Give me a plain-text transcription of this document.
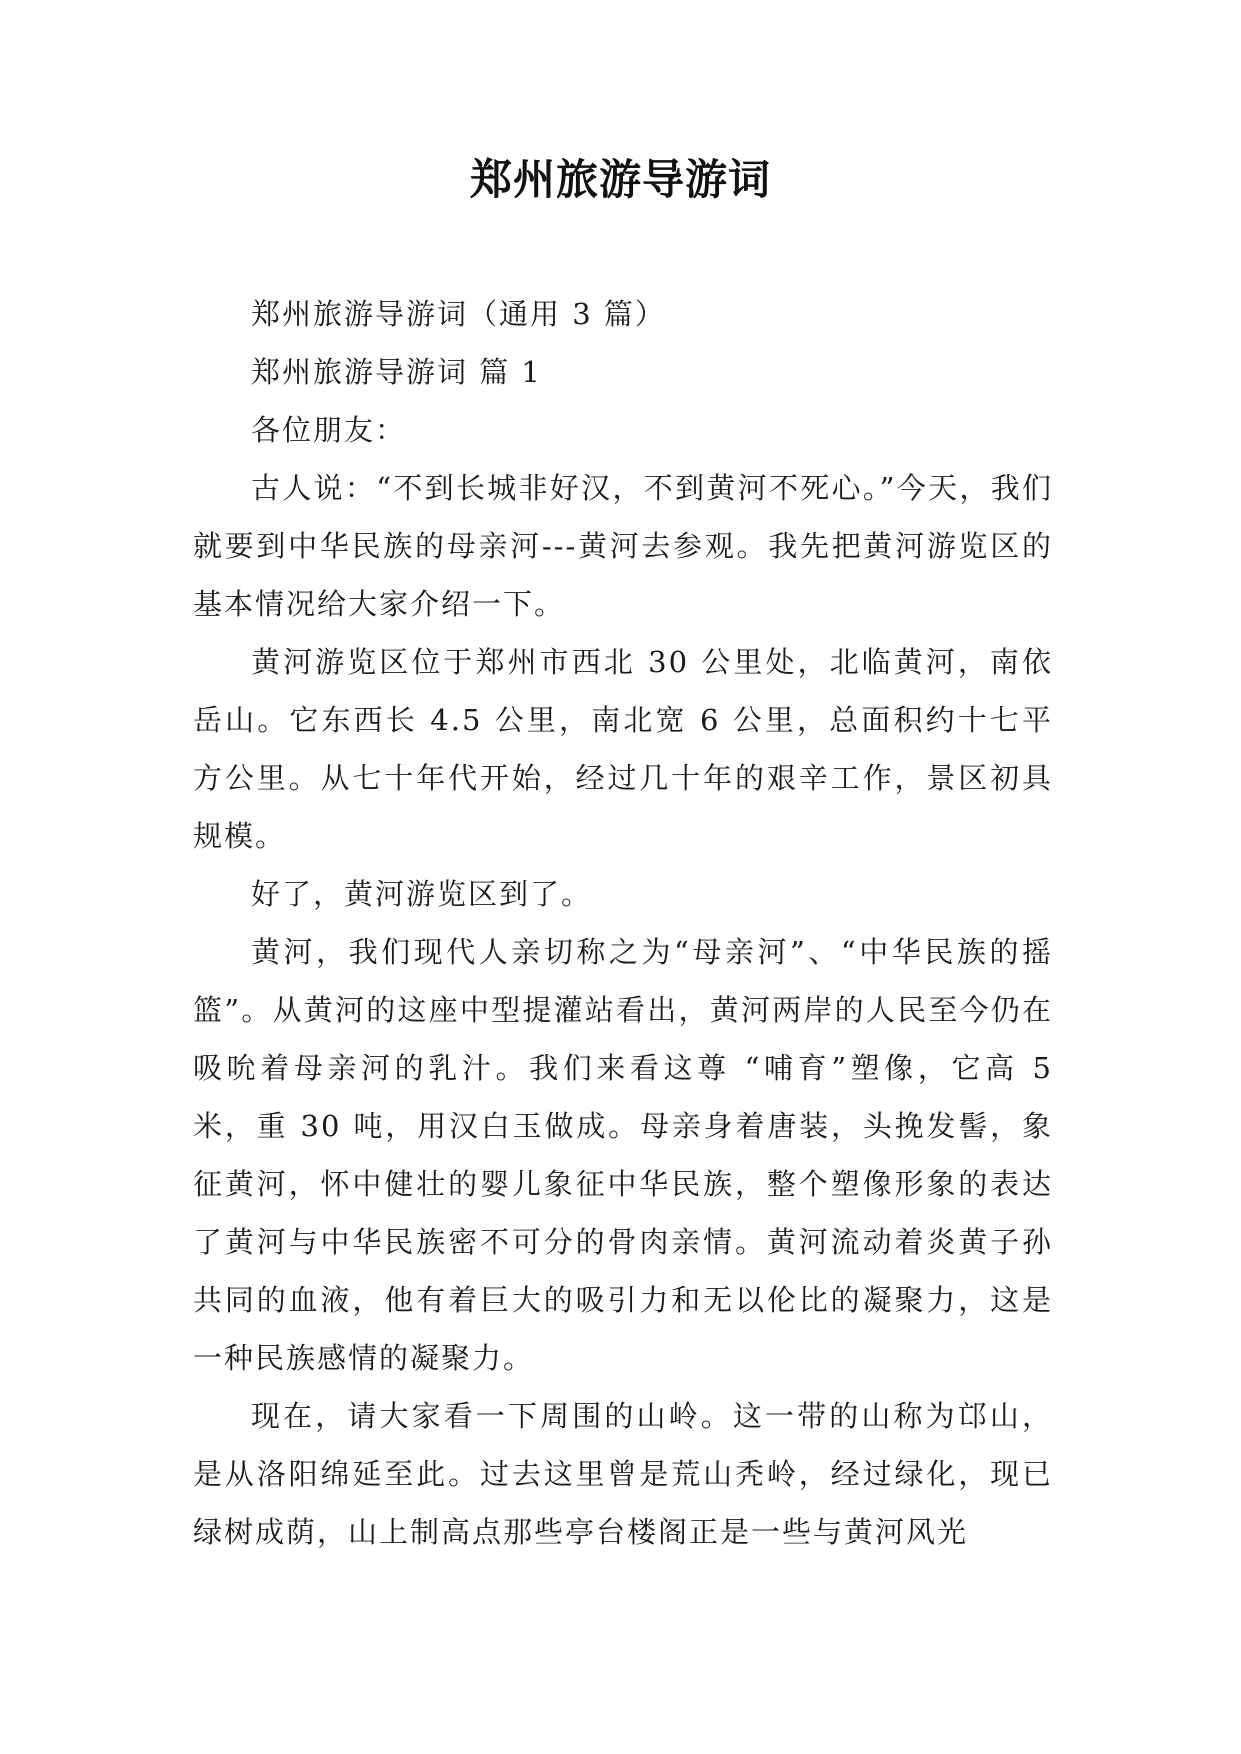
郑州旅游导游词

郑州旅游导游词（通用 3 篇）

郑州旅游导游词 篇 1

各位朋友：

古人说：“不到长城非好汉，不到黄河不死心。”今天，我们就要到中华民族的母亲河---黄河去参观。我先把黄河游览区的基本情况给大家介绍一下。

黄河游览区位于郑州市西北 30 公里处，北临黄河，南依岳山。它东西长 4.5 公里，南北宽 6 公里，总面积约十七平方公里。从七十年代开始，经过几十年的艰辛工作，景区初具规模。

好了，黄河游览区到了。

黄河，我们现代人亲切称之为“母亲河”、“中华民族的摇篮”。从黄河的这座中型提灌站看出，黄河两岸的人民至今仍在吸吮着母亲河的乳汁。我们来看这尊 “哺育”塑像，它高 5 米，重 30 吨，用汉白玉做成。母亲身着唐装，头挽发髻，象征黄河，怀中健壮的婴儿象征中华民族，整个塑像形象的表达了黄河与中华民族密不可分的骨肉亲情。黄河流动着炎黄子孙共同的血液，他有着巨大的吸引力和无以伦比的凝聚力，这是一种民族感情的凝聚力。

现在，请大家看一下周围的山岭。这一带的山称为邙山，是从洛阳绵延至此。过去这里曾是荒山秃岭，经过绿化，现已绿树成荫，山上制高点那些亭台楼阁正是一些与黄河风光
